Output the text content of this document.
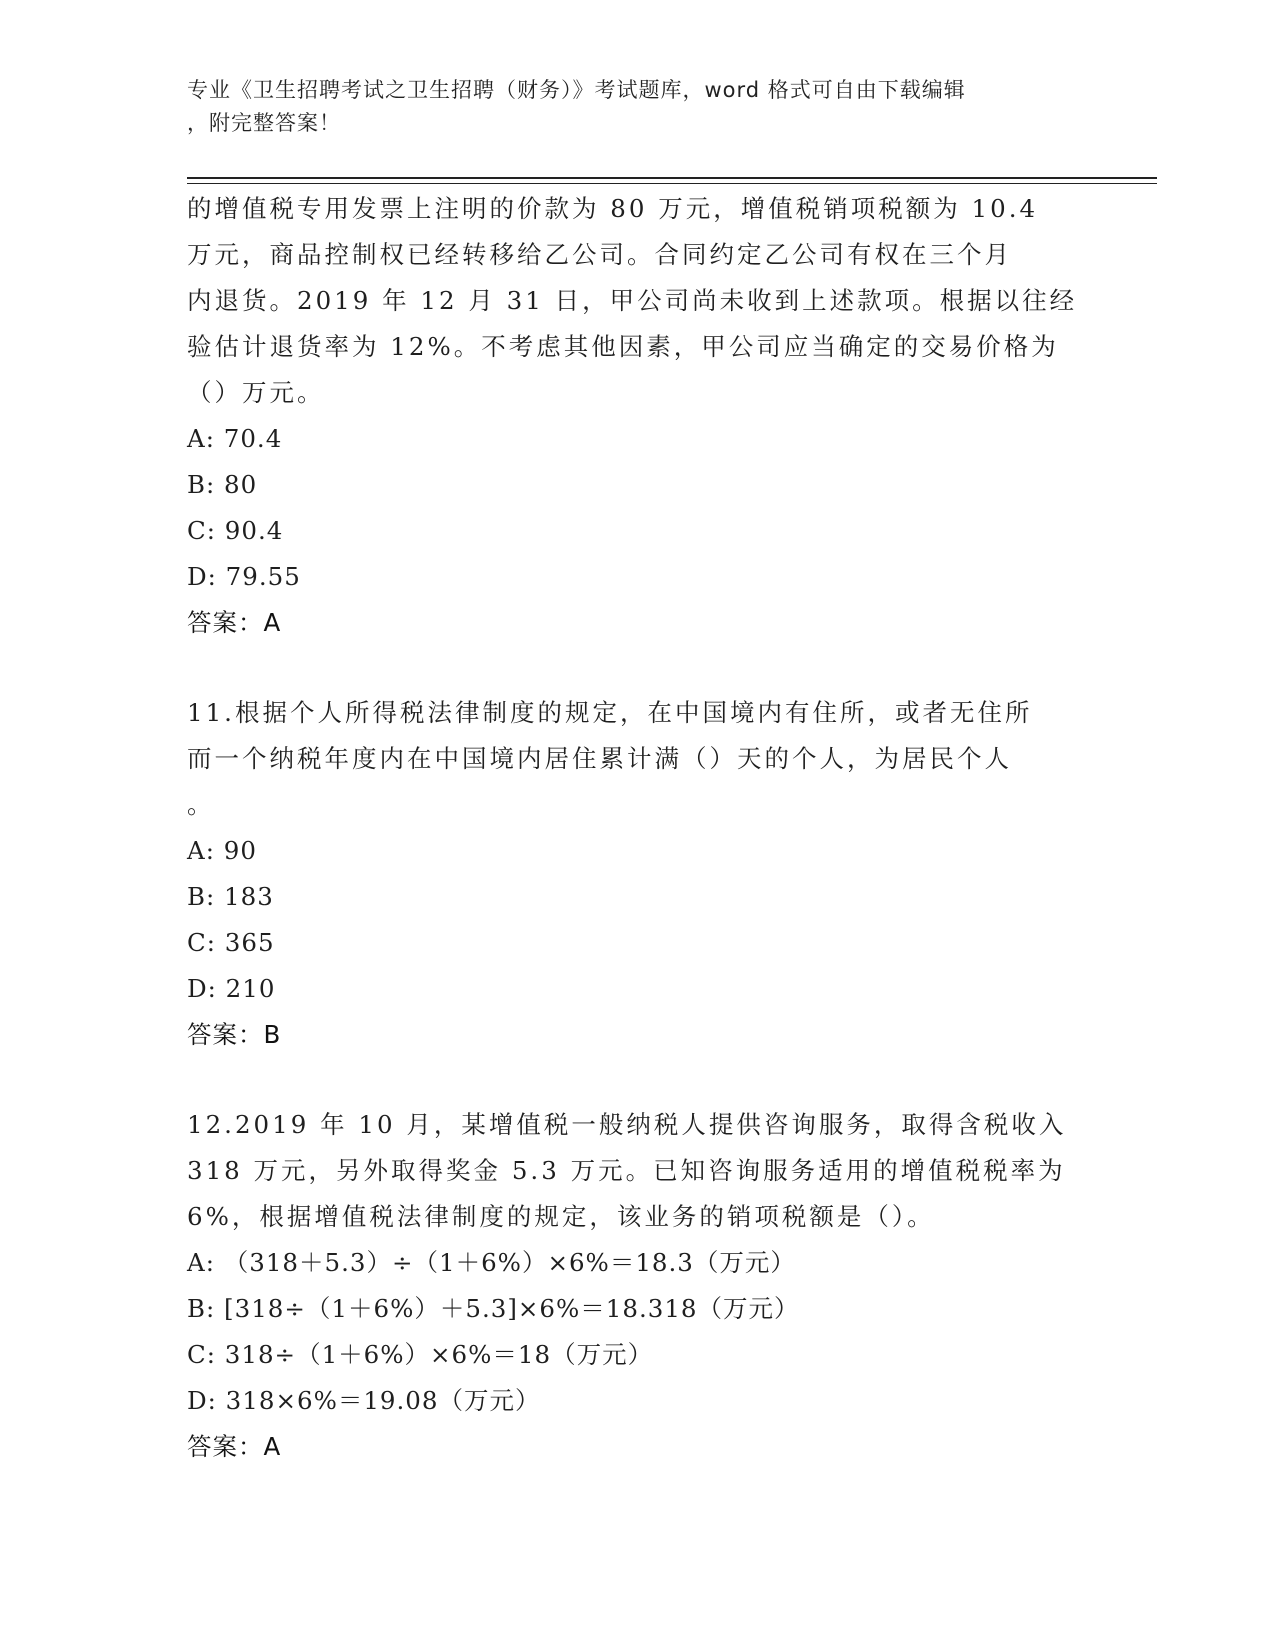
专业《卫生招聘考试之卫生招聘（财务）》考试题库，word 格式可自由下载编辑
，附完整答案！
的增值税专用发票上注明的价款为 80 万元，增值税销项税额为 10.4
万元，商品控制权已经转移给乙公司。合同约定乙公司有权在三个月
内退货。2019 年 12 月 31 日，甲公司尚未收到上述款项。根据以往经
验估计退货率为 12%。不考虑其他因素，甲公司应当确定的交易价格为
（）万元。
A: 70.4
B: 80
C: 90.4
D: 79.55
答案：A
11.根据个人所得税法律制度的规定，在中国境内有住所，或者无住所
而一个纳税年度内在中国境内居住累计满（）天的个人，为居民个人
。
A: 90
B: 183
C: 365
D: 210
答案：B
12.2019 年 10 月，某增值税一般纳税人提供咨询服务，取得含税收入
318 万元，另外取得奖金 5.3 万元。已知咨询服务适用的增值税税率为
6%，根据增值税法律制度的规定，该业务的销项税额是（）。
A: （318＋5.3）÷（1＋6%）×6%＝18.3（万元）
B: [318÷（1＋6%）＋5.3]×6%＝18.318（万元）
C: 318÷（1＋6%）×6%＝18（万元）
D: 318×6%＝19.08（万元）
答案：A
